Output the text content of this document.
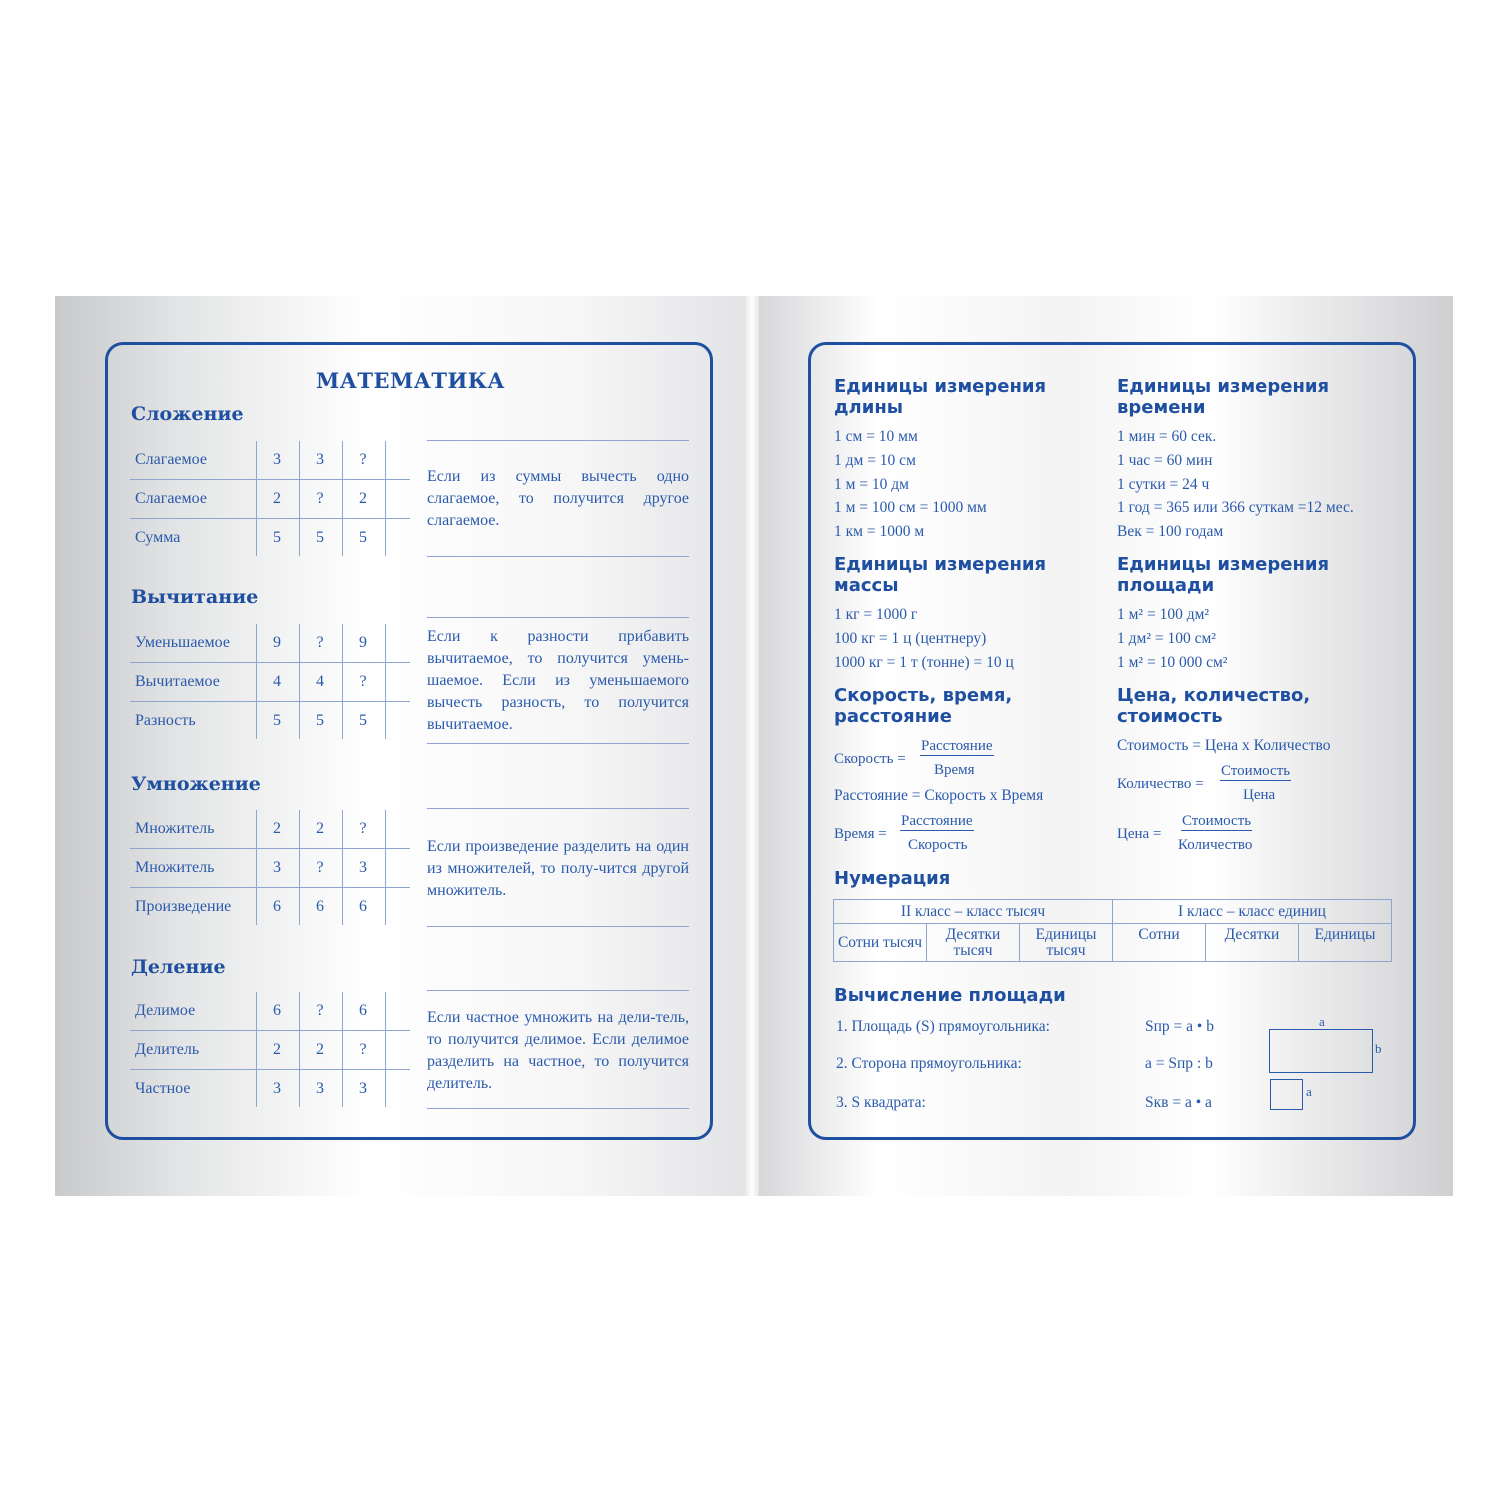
МАТЕМАТИКА
Сложение
Слагаемое	3	3	?
Слагаемое	2	?	2
Сумма	5	5	5
Если из суммы вычесть одно слагаемое, то получится другое слагаемое.
Вычитание
Уменьшаемое	9	?	9
Вычитаемое	4	4	?
Разность	5	5	5
Если к разности прибавить вычитаемое, то получится умень-шаемое. Если из уменьшаемого вычесть разность, то получится вычитаемое.
Умножение
Множитель	2	2	?
Множитель	3	?	3
Произведение	6	6	6
Если произведение разделить на один из множителей, то полу-чится другой множитель.
Деление
Делимое	6	?	6
Делитель	2	2	?
Частное	3	3	3
Если частное умножить на дели-тель, то получится делимое. Если делимое разделить на частное, то получится делитель.
Единицы измерения длины
1 см = 10 мм
1 дм = 10 см
1 м = 10 дм
1 м = 100 см = 1000 мм
1 км = 1000 м
Единицы измерения времени
1 мин = 60 сек.
1 час = 60 мин
1 сутки = 24 ч
1 год = 365 или 366 суткам =12 мес.
Век = 100 годам
Единицы измерения массы
1 кг = 1000 г
100 кг = 1 ц (центнеру)
1000 кг = 1 т (тонне) = 10 ц
Единицы измерения площади
1 м² = 100 дм²
1 дм² = 100 см²
1 м² = 10 000 см²
Скорость, время, расстояние
Скорость =
Расстояние
Время
Расстояние = Скорость х Время
Время =
Расстояние
Скорость
Цена, количество, стоимость
Стоимость = Цена х Количество
Количество =
Стоимость
Цена
Цена =
Стоимость
Количество
Нумерация
II класс – класс тысяч			I класс – класс единиц		
Сотни тысяч	Десятки тысяч	Единицы тысяч	Сотни	Десятки	Единицы
Вычисление площади
1. Площадь (S) прямоугольника:	Sпр = a • b
2. Сторона прямоугольника:	a = Sпр : b
3. S квадрата:	Sкв = a • a
a
b
a
